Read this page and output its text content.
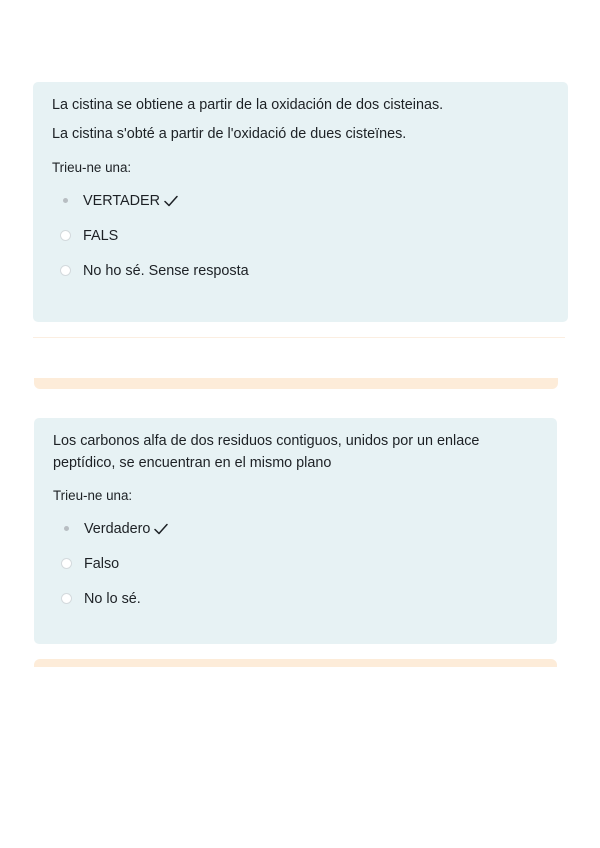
La cistina se obtiene a partir de la oxidación de dos cisteinas.

La cistina s'obté a partir de l'oxidació de dues cisteïnes.

Trieu-ne una:
VERTADER
FALS
No ho sé. Sense resposta

Los carbonos alfa de dos residuos contiguos, unidos por un enlace peptídico, se encuentran en el mismo plano

Trieu-ne una:
Verdadero
Falso
No lo sé.
